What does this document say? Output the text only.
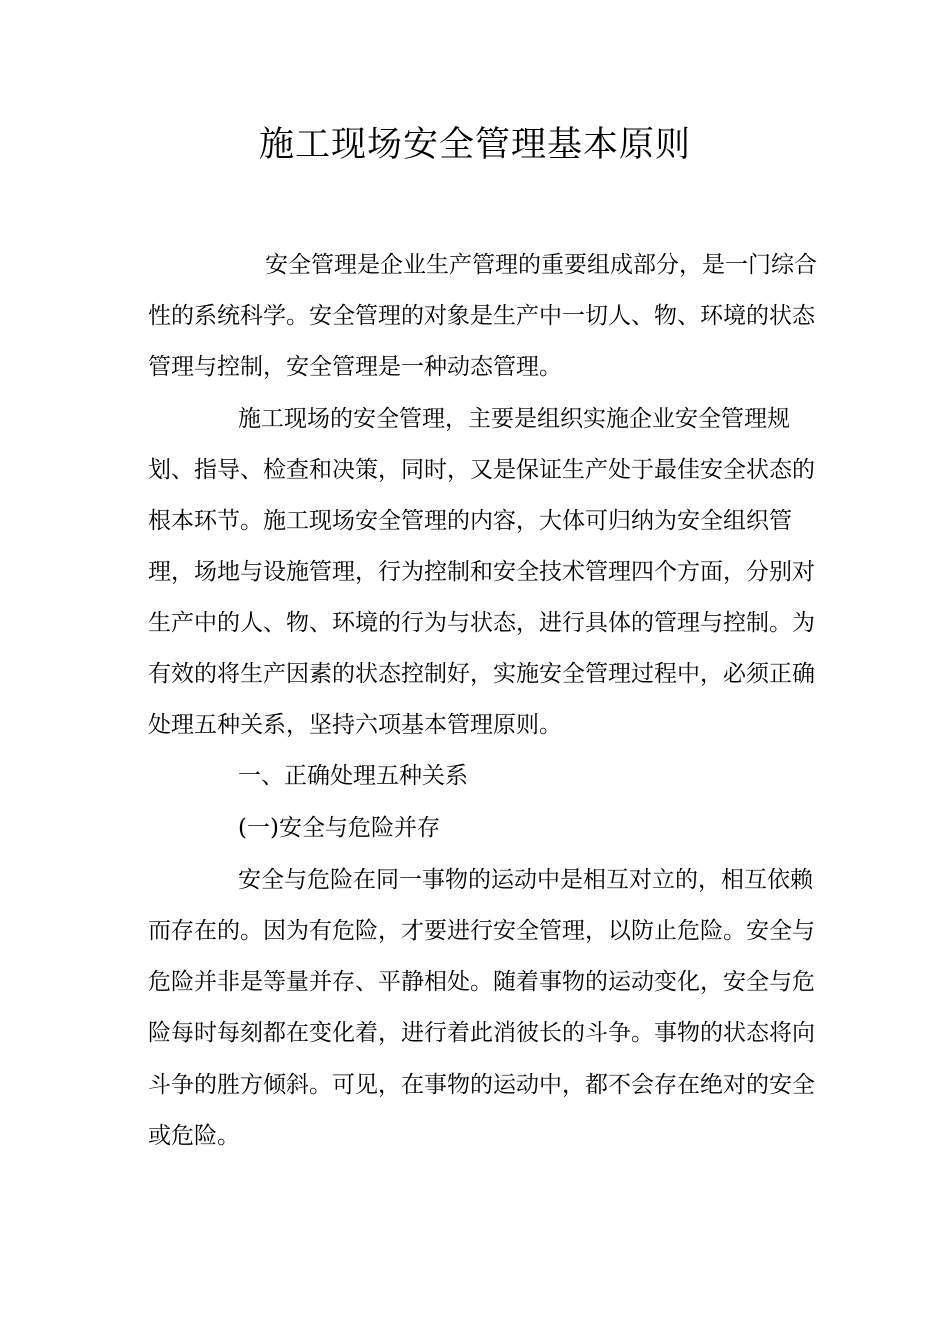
施工现场安全管理基本原则

安全管理是企业生产管理的重要组成部分，是一门综合

性的系统科学。安全管理的对象是生产中一切人、物、环境的状态

管理与控制，安全管理是一种动态管理。

施工现场的安全管理，主要是组织实施企业安全管理规

划、指导、检查和决策，同时，又是保证生产处于最佳安全状态的

根本环节。施工现场安全管理的内容，大体可归纳为安全组织管

理，场地与设施管理，行为控制和安全技术管理四个方面，分别对

生产中的人、物、环境的行为与状态，进行具体的管理与控制。为

有效的将生产因素的状态控制好，实施安全管理过程中，必须正确

处理五种关系，坚持六项基本管理原则。

一、正确处理五种关系

(一)安全与危险并存

安全与危险在同一事物的运动中是相互对立的，相互依赖

而存在的。因为有危险，才要进行安全管理，以防止危险。安全与

危险并非是等量并存、平静相处。随着事物的运动变化，安全与危

险每时每刻都在变化着，进行着此消彼长的斗争。事物的状态将向

斗争的胜方倾斜。可见，在事物的运动中，都不会存在绝对的安全

或危险。
